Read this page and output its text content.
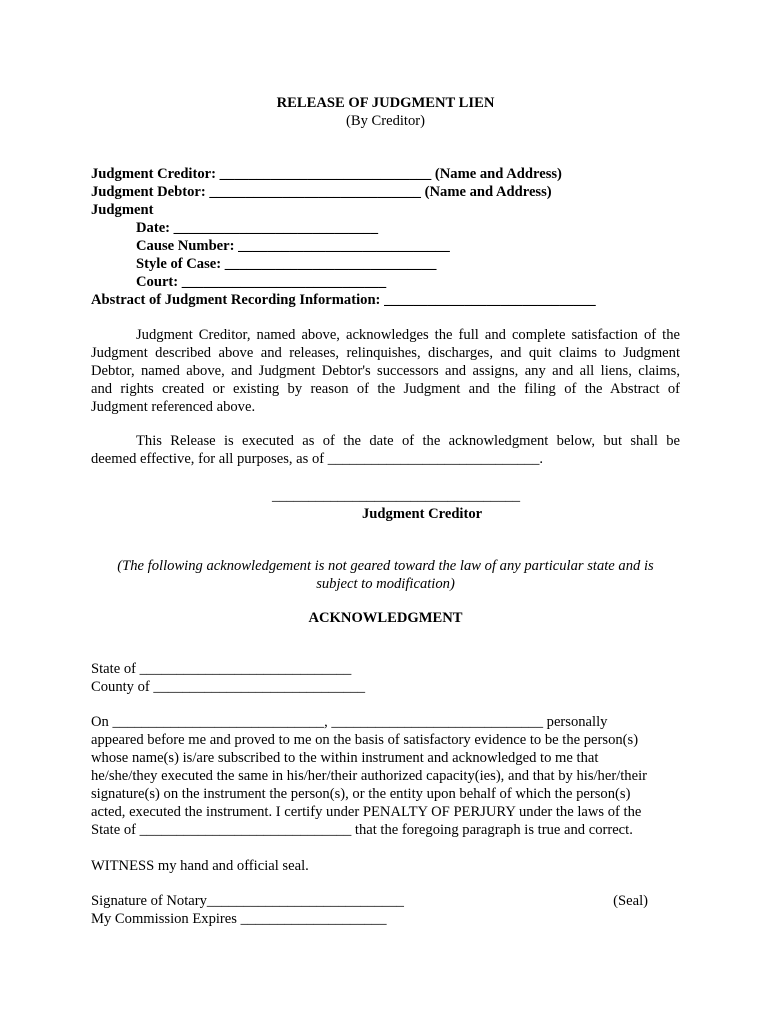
RELEASE OF JUDGMENT LIEN
(By Creditor)
Judgment Creditor: _____________________________ (Name and Address)
Judgment Debtor: _____________________________ (Name and Address)
Judgment
Date: ____________________________
Cause Number: _____________________________
Style of Case: _____________________________
Court: ____________________________
Abstract of Judgment Recording Information: _____________________________
Judgment Creditor, named above, acknowledges the full and complete satisfaction of the
Judgment described above and releases, relinquishes, discharges, and quit claims to Judgment
Debtor, named above, and Judgment Debtor's successors and assigns, any and all liens, claims,
and rights created or existing by reason of the Judgment and the filing of the Abstract of
Judgment referenced above.
This Release is executed as of the date of the acknowledgment below, but shall be
deemed effective, for all purposes, as of _____________________________.
__________________________________
Judgment Creditor
(The following acknowledgement is not geared toward the law of any particular state and is
subject to modification)
ACKNOWLEDGMENT
State of _____________________________
County of _____________________________
On _____________________________, _____________________________ personally
appeared before me and proved to me on the basis of satisfactory evidence to be the person(s)
whose name(s) is/are subscribed to the within instrument and acknowledged to me that
he/she/they executed the same in his/her/their authorized capacity(ies), and that by his/her/their
signature(s) on the instrument the person(s), or the entity upon behalf of which the person(s)
acted, executed the instrument. I certify under PENALTY OF PERJURY under the laws of the
State of _____________________________ that the foregoing paragraph is true and correct.
WITNESS my hand and official seal.
Signature of Notary___________________________	(Seal)
My Commission Expires ____________________
